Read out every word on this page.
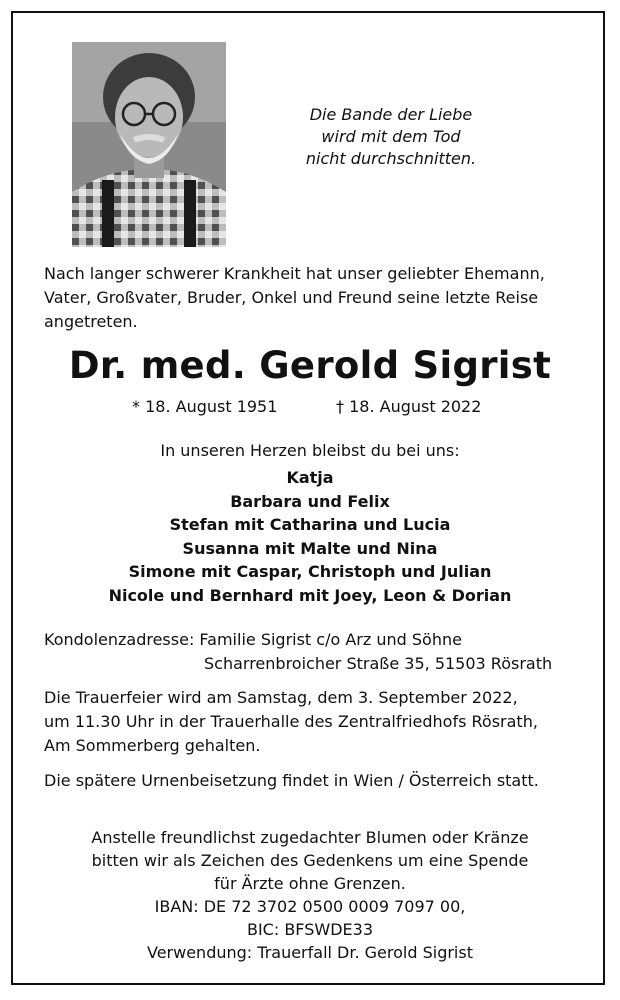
Die Bande der Liebe
wird mit dem Tod
nicht durchschnitten.
Nach langer schwerer Krankheit hat unser geliebter Ehemann,
Vater, Großvater, Bruder, Onkel und Freund seine letzte Reise
angetreten.
Dr. med. Gerold Sigrist
* 18. August 1951	† 18. August 2022
In unseren Herzen bleibst du bei uns:
Katja
Barbara und Felix
Stefan mit Catharina und Lucia
Susanna mit Malte und Nina
Simone mit Caspar, Christoph und Julian
Nicole und Bernhard mit Joey, Leon & Dorian
Kondolenzadresse: Familie Sigrist c/o Arz und Söhne
Scharrenbroicher Straße 35, 51503 Rösrath
Die Trauerfeier wird am Samstag, dem 3. September 2022,
um 11.30 Uhr in der Trauerhalle des Zentralfriedhofs Rösrath,
Am Sommerberg gehalten.
Die spätere Urnenbeisetzung findet in Wien / Österreich statt.
Anstelle freundlichst zugedachter Blumen oder Kränze
bitten wir als Zeichen des Gedenkens um eine Spende
für Ärzte ohne Grenzen.
IBAN: DE 72 3702 0500 0009 7097 00,
BIC: BFSWDE33
Verwendung: Trauerfall Dr. Gerold Sigrist
